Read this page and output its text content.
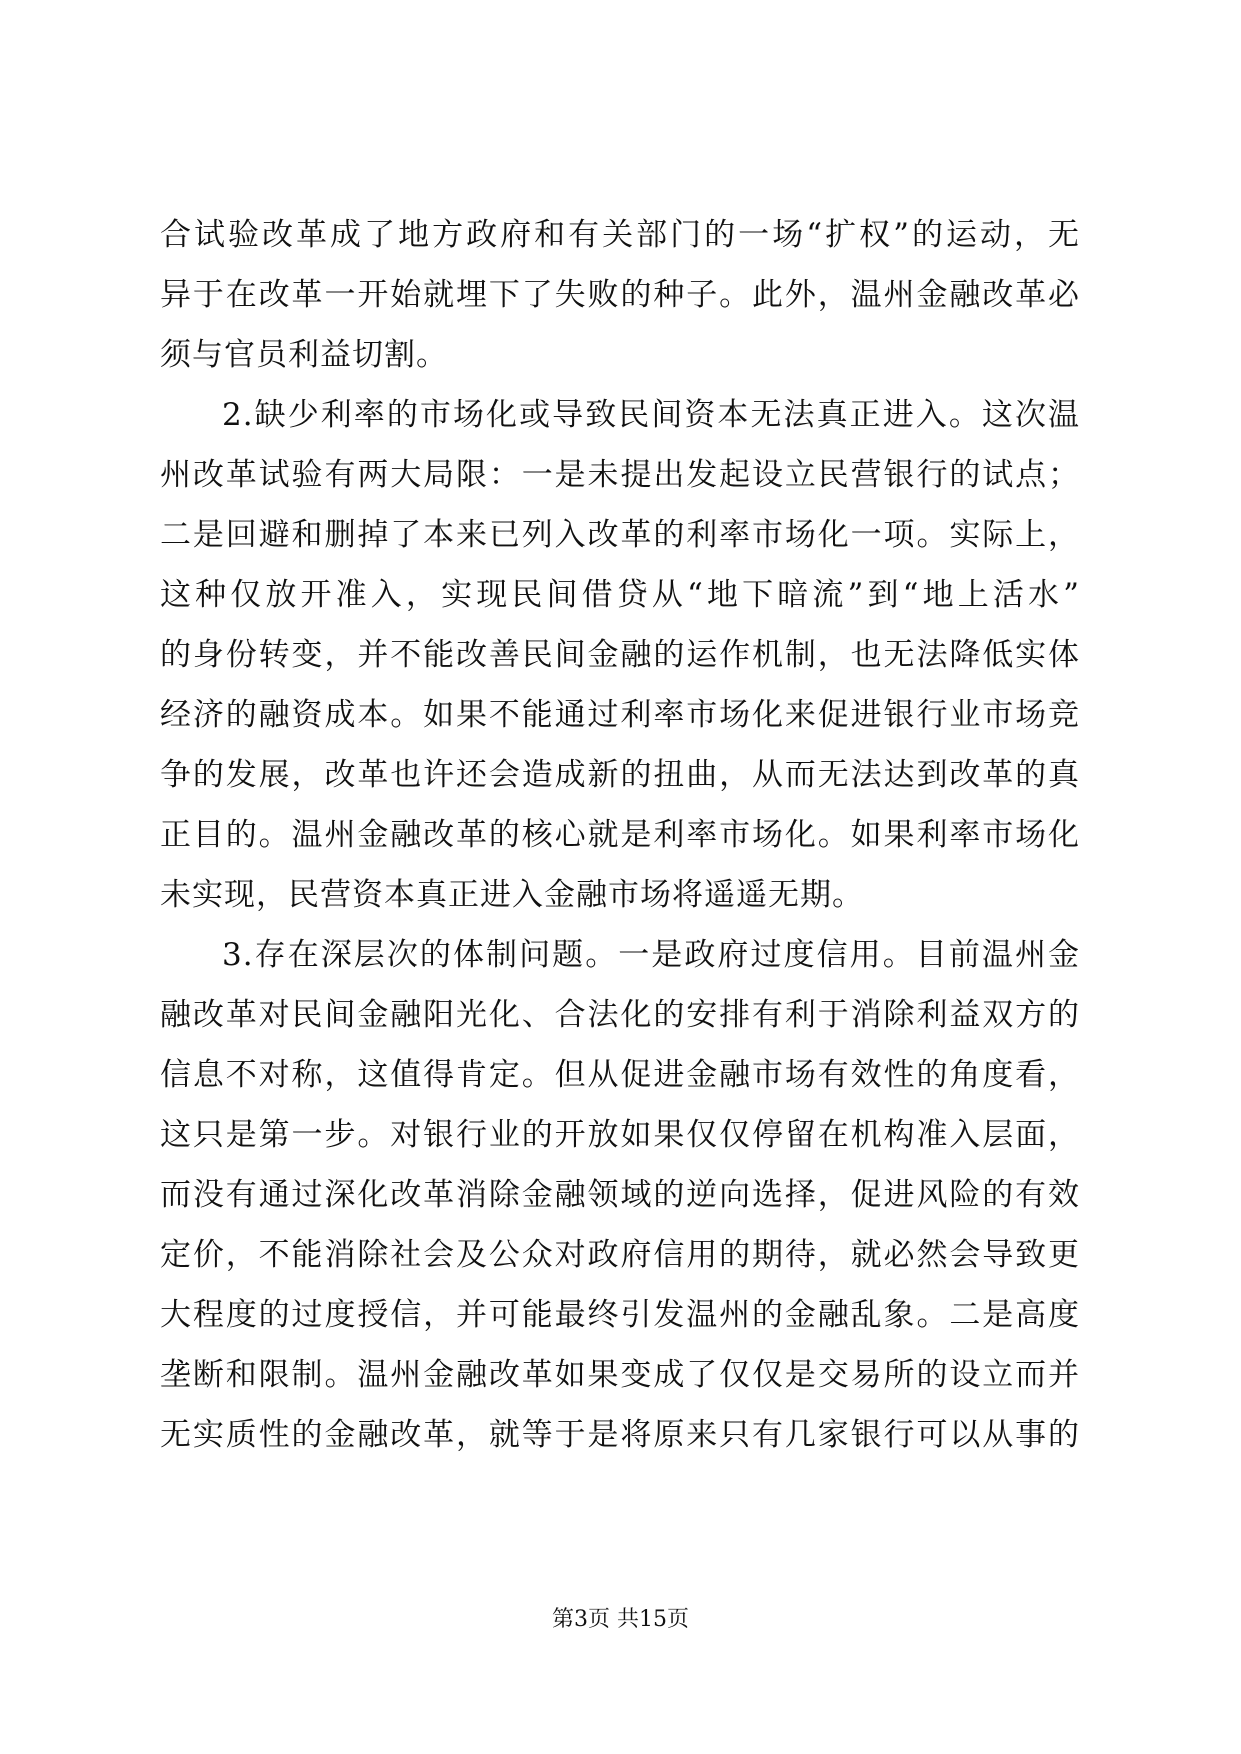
合试验改革成了地方政府和有关部门的一场“扩权”的运动，无
异于在改革一开始就埋下了失败的种子。此外，温州金融改革必
须与官员利益切割。
2.缺少利率的市场化或导致民间资本无法真正进入。这次温
州改革试验有两大局限：一是未提出发起设立民营银行的试点；
二是回避和删掉了本来已列入改革的利率市场化一项。实际上，
这种仅放开准入，实现民间借贷从“地下暗流”到“地上活水”
的身份转变，并不能改善民间金融的运作机制，也无法降低实体
经济的融资成本。如果不能通过利率市场化来促进银行业市场竞
争的发展，改革也许还会造成新的扭曲，从而无法达到改革的真
正目的。温州金融改革的核心就是利率市场化。如果利率市场化
未实现，民营资本真正进入金融市场将遥遥无期。
3.存在深层次的体制问题。一是政府过度信用。目前温州金
融改革对民间金融阳光化、合法化的安排有利于消除利益双方的
信息不对称，这值得肯定。但从促进金融市场有效性的角度看，
这只是第一步。对银行业的开放如果仅仅停留在机构准入层面，
而没有通过深化改革消除金融领域的逆向选择，促进风险的有效
定价，不能消除社会及公众对政府信用的期待，就必然会导致更
大程度的过度授信，并可能最终引发温州的金融乱象。二是高度
垄断和限制。温州金融改革如果变成了仅仅是交易所的设立而并
无实质性的金融改革，就等于是将原来只有几家银行可以从事的
第3页 共15页
